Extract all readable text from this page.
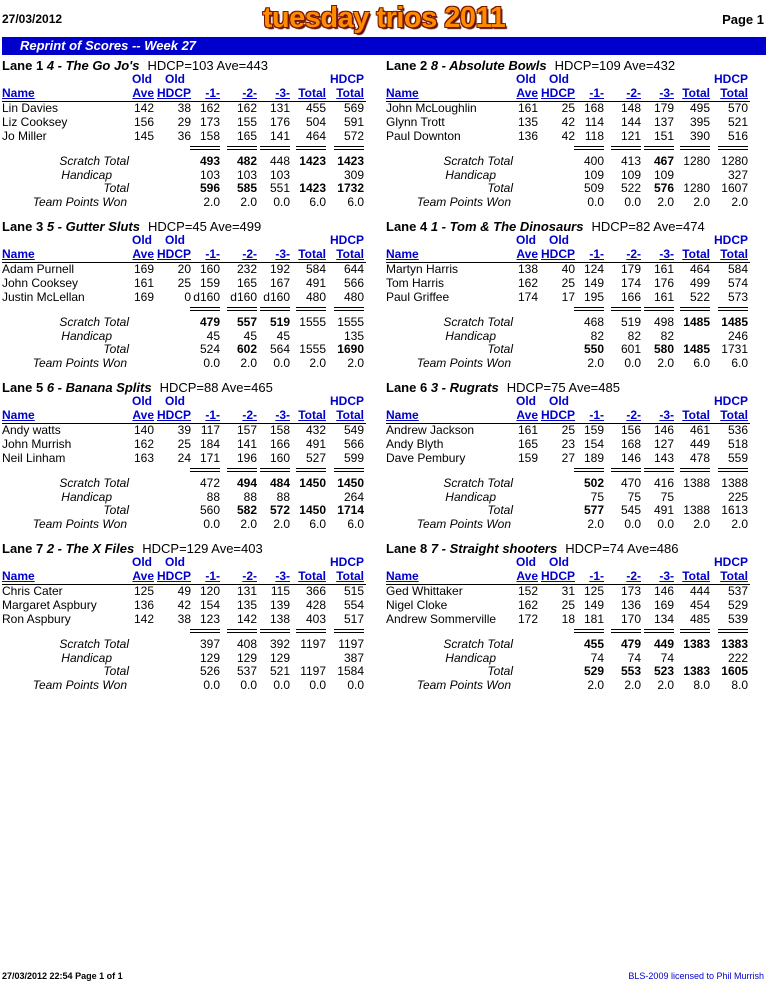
27/03/2012	tuesday trios 2011	Page 1
Reprint of Scores -- Week 27
Lane 1 4 - The Go Jo's HDCP=103 Ave=443
Old Old	HDCP
Ave HDCP -1- -2- -3- Total Total
Name
Lin Davies	142 38 162 162 131 455 569
Liz Cooksey	156 29 173 155 176 504 591
Jo Miller	145 36 158 165 141 464 572
Scratch Total	493 482 448 1423 1423
Handicap	103 103 103	309
Total	596 585 551 1423 1732
Team Points Won	2.0 2.0 0.0 6.0 6.0
Lane 2 8 - Absolute Bowls HDCP=109 Ave=432
Old Old	HDCP
Ave HDCP -1- -2- -3- Total Total
Name
John McLoughlin	161 25 168 148 179 495 570
Glynn Trott	135 42 114 144 137 395 521
Paul Downton	136 42 118 121 151 390 516
Scratch Total	400 413 467 1280 1280
Handicap	109 109 109	327
Total	509 522 576 1280 1607
Team Points Won	0.0 0.0 2.0 2.0 2.0
Lane 3 5 - Gutter Sluts HDCP=45 Ave=499
Old Old	HDCP
Ave HDCP -1- -2- -3- Total Total
Name
Adam Purnell	169 20 160 232 192 584 644
John Cooksey	161 25 159 165 167 491 566
Justin McLellan	169	0 d160 d160 d160 480 480
Scratch Total	479 557 519 1555 1555
Handicap	45 45 45	135
Total	524 602 564 1555 1690
Team Points Won	0.0 2.0 0.0 2.0 2.0
Lane 4 1 - Tom & The Dinosaurs HDCP=82 Ave=474
Old Old	HDCP
Ave HDCP -1- -2- -3- Total Total
Name
Martyn Harris	138 40 124 179 161 464 584
Tom Harris	162 25 149 174 176 499 574
Paul Griffee	174 17 195 166 161 522 573
Scratch Total	468 519 498 1485 1485
Handicap	82 82 82	246
Total	550 601 580 1485 1731
Team Points Won	2.0 0.0 2.0 6.0 6.0
Lane 5 6 - Banana Splits HDCP=88 Ave=465
Old Old	HDCP
Ave HDCP -1- -2- -3- Total Total
Name
Andy watts	140 39 117 157 158 432 549
John Murrish	162 25 184 141 166 491 566
Neil Linham	163 24 171 196 160 527 599
Scratch Total	472 494 484 1450 1450
Handicap	88 88 88	264
Total	560 582 572 1450 1714
Team Points Won	0.0 2.0 2.0 6.0 6.0
Lane 6 3 - Rugrats HDCP=75 Ave=485
Old Old	HDCP
Ave HDCP -1- -2- -3- Total Total
Name
Andrew Jackson	161 25 159 156 146 461 536
Andy Blyth	165 23 154 168 127 449 518
Dave Pembury	159 27 189 146 143 478 559
Scratch Total	502 470 416 1388 1388
Handicap	75 75 75	225
Total	577 545 491 1388 1613
Team Points Won	2.0 0.0 0.0 2.0 2.0
Lane 7 2 - The X Files HDCP=129 Ave=403
Old Old	HDCP
Ave HDCP -1- -2- -3- Total Total
Name
Chris Cater	125 49 120 131 115 366 515
Margaret Aspbury	136 42 154 135 139 428 554
Ron Aspbury	142 38 123 142 138 403 517
Scratch Total	397 408 392 1197 1197
Handicap	129 129 129	387
Total	526 537 521 1197 1584
Team Points Won	0.0 0.0 0.0 0.0 0.0
Lane 8 7 - Straight shooters HDCP=74 Ave=486
Old Old	HDCP
Ave HDCP -1- -2- -3- Total Total
Name
Ged Whittaker	152 31 125 173 146 444 537
Nigel Cloke	162 25 149 136 169 454 529
Andrew Sommerville 172 18 181 170 134 485 539
Scratch Total	455 479 449 1383 1383
Handicap	74 74 74	222
Total	529 553 523 1383 1605
Team Points Won	2.0 2.0 2.0 8.0 8.0
27/03/2012 22:54 Page 1 of 1	BLS-2009 licensed to Phil Murrish
